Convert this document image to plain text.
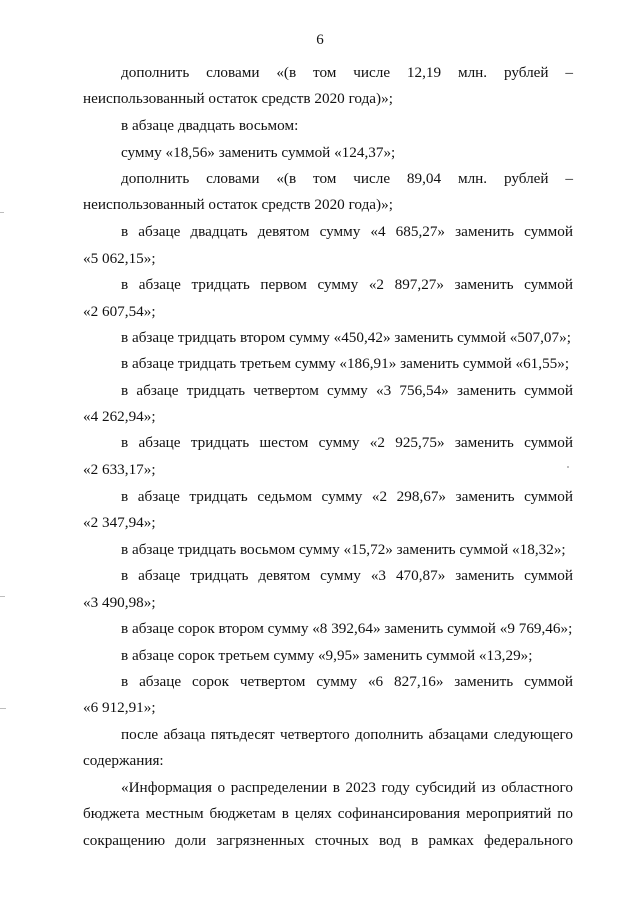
6
дополнить словами «(в том числе 12,19 млн. рублей –
неиспользованный остаток средств 2020 года)»;
в абзаце двадцать восьмом:
сумму «18,56» заменить суммой «124,37»;
дополнить словами «(в том числе 89,04 млн. рублей –
неиспользованный остаток средств 2020 года)»;
в абзаце двадцать девятом сумму «4 685,27» заменить суммой
«5 062,15»;
в абзаце тридцать первом сумму «2 897,27» заменить суммой
«2 607,54»;
в абзаце тридцать втором сумму «450,42» заменить суммой «507,07»;
в абзаце тридцать третьем сумму «186,91» заменить суммой «61,55»;
в абзаце тридцать четвертом сумму «3 756,54» заменить суммой
«4 262,94»;
в абзаце тридцать шестом сумму «2 925,75» заменить суммой
«2 633,17»;
в абзаце тридцать седьмом сумму «2 298,67» заменить суммой
«2 347,94»;
в абзаце тридцать восьмом сумму «15,72» заменить суммой «18,32»;
в абзаце тридцать девятом сумму «3 470,87» заменить суммой
«3 490,98»;
в абзаце сорок втором сумму «8 392,64» заменить суммой «9 769,46»;
в абзаце сорок третьем сумму «9,95» заменить суммой «13,29»;
в абзаце сорок четвертом сумму «6 827,16» заменить суммой
«6 912,91»;
после абзаца пятьдесят четвертого дополнить абзацами следующего
содержания:
«Информация о распределении в 2023 году субсидий из областного
бюджета местным бюджетам в целях софинансирования мероприятий по
сокращению доли загрязненных сточных вод в рамках федерального
